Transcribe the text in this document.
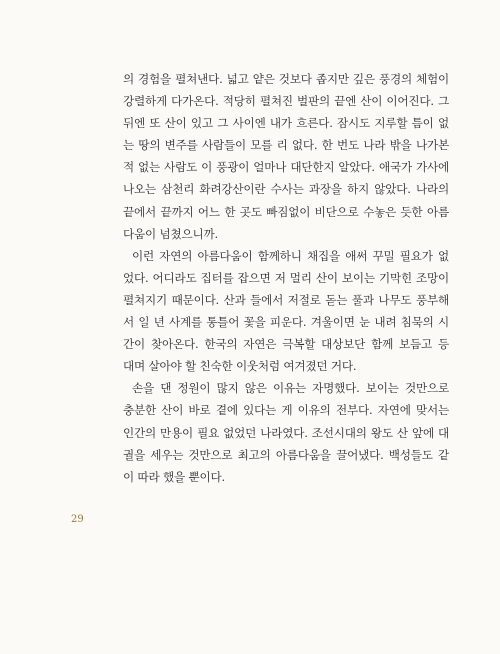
의 경험을 펼쳐낸다. 넓고 얕은 것보다 좁지만 깊은 풍경의 체험이
강렬하게 다가온다. 적당히 펼쳐진 벌판의 끝엔 산이 이어진다. 그
뒤엔 또 산이 있고 그 사이엔 내가 흐른다. 잠시도 지루할 틈이 없
는 땅의 변주를 사람들이 모를 리 없다. 한 번도 나라 밖을 나가본
적 없는 사람도 이 풍광이 얼마나 대단한지 알았다. 애국가 가사에
나오는 삼천리 화려강산이란 수사는 과장을 하지 않았다. 나라의
끝에서 끝까지 어느 한 곳도 빠짐없이 비단으로 수놓은 듯한 아름
다움이 넘쳤으니까.
이런 자연의 아름다움이 함께하니 채집을 애써 꾸밀 필요가 없
었다. 어디라도 집터를 잡으면 저 멀리 산이 보이는 기막힌 조망이
펼쳐지기 때문이다. 산과 들에서 저절로 돋는 풀과 나무도 풍부해
서 일 년 사계를 통틀어 꽃을 피운다. 겨울이면 눈 내려 침묵의 시
간이 찾아온다. 한국의 자연은 극복할 대상보단 함께 보듬고 등
대며 살아야 할 친숙한 이웃처럼 여겨졌던 거다.
손을 댄 정원이 많지 않은 이유는 자명했다. 보이는 것만으로
충분한 산이 바로 곁에 있다는 게 이유의 전부다. 자연에 맞서는
인간의 만용이 필요 없었던 나라였다. 조선시대의 왕도 산 앞에 대
궐을 세우는 것만으로 최고의 아름다움을 끌어냈다. 백성들도 같
이 따라 했을 뿐이다.
29
